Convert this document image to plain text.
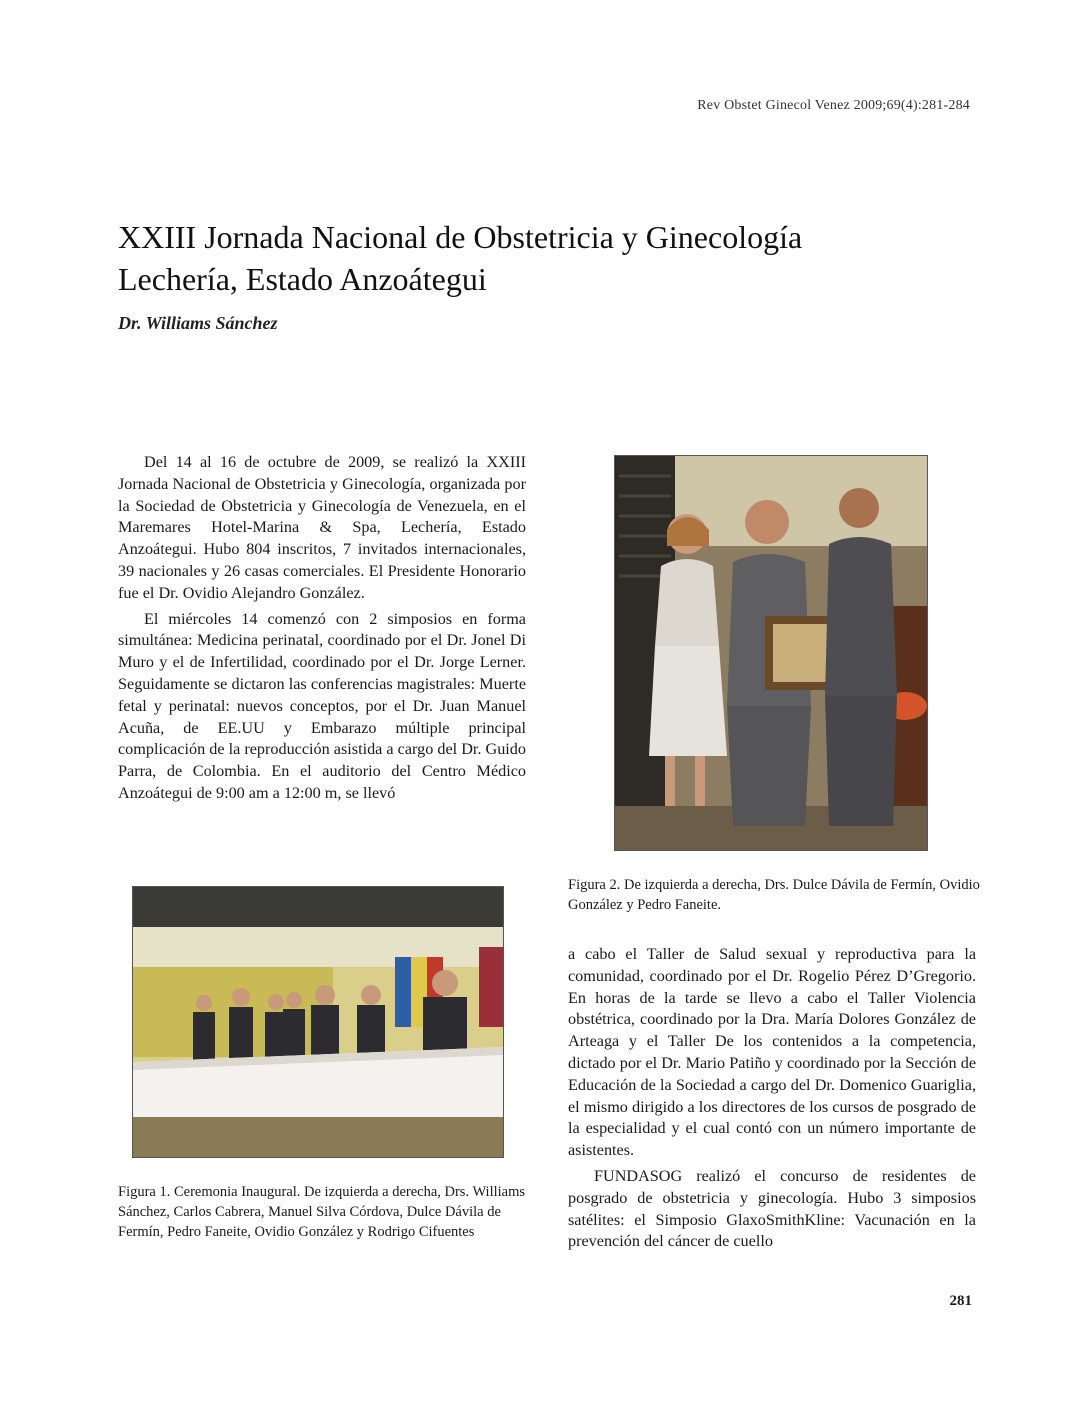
Rev Obstet Ginecol Venez 2009;69(4):281-284
XXIII Jornada Nacional de Obstetricia y Ginecología
Lechería, Estado Anzoátegui
Dr. Williams Sánchez

Del 14 al 16 de octubre de 2009, se realizó la XXIII Jornada Nacional de Obstetricia y Ginecología, organizada por la Sociedad de Obstetricia y Ginecología de Venezuela, en el Maremares Hotel-Marina & Spa, Lechería, Estado Anzoátegui. Hubo 804 inscritos, 7 invitados internacionales, 39 nacionales y 26 casas comerciales. El Presidente Honorario fue el Dr. Ovidio Alejandro González.

El miércoles 14 comenzó con 2 simposios en forma simultánea: Medicina perinatal, coordinado por el Dr. Jonel Di Muro y el de Infertilidad, coordinado por el Dr. Jorge Lerner. Seguidamente se dictaron las conferencias magistrales: Muerte fetal y perinatal: nuevos conceptos, por el Dr. Juan Manuel Acuña, de EE.UU y Embarazo múltiple principal complicación de la reproducción asistida a cargo del Dr. Guido Parra, de Colombia. En el auditorio del Centro Médico Anzoátegui de 9:00 am a 12:00 m, se llevó

Figura 2. De izquierda a derecha, Drs. Dulce Dávila de Fermín, Ovidio González y Pedro Faneite.
Figura 1. Ceremonia Inaugural. De izquierda a derecha, Drs. Williams Sánchez, Carlos Cabrera, Manuel Silva Córdova, Dulce Dávila de Fermín, Pedro Faneite, Ovidio González y Rodrigo Cifuentes

a cabo el Taller de Salud sexual y reproductiva para la comunidad, coordinado por el Dr. Rogelio Pérez D’Gregorio. En horas de la tarde se llevo a cabo el Taller Violencia obstétrica, coordinado por la Dra. María Dolores González de Arteaga y el Taller De los contenidos a la competencia, dictado por el Dr. Mario Patiño y coordinado por la Sección de Educación de la Sociedad a cargo del Dr. Domenico Guariglia, el mismo dirigido a los directores de los cursos de posgrado de la especialidad y el cual contó con un número importante de asistentes.

FUNDASOG realizó el concurso de residentes de posgrado de obstetricia y ginecología. Hubo 3 simposios satélites: el Simposio GlaxoSmithKline: Vacunación en la prevención del cáncer de cuello

281
